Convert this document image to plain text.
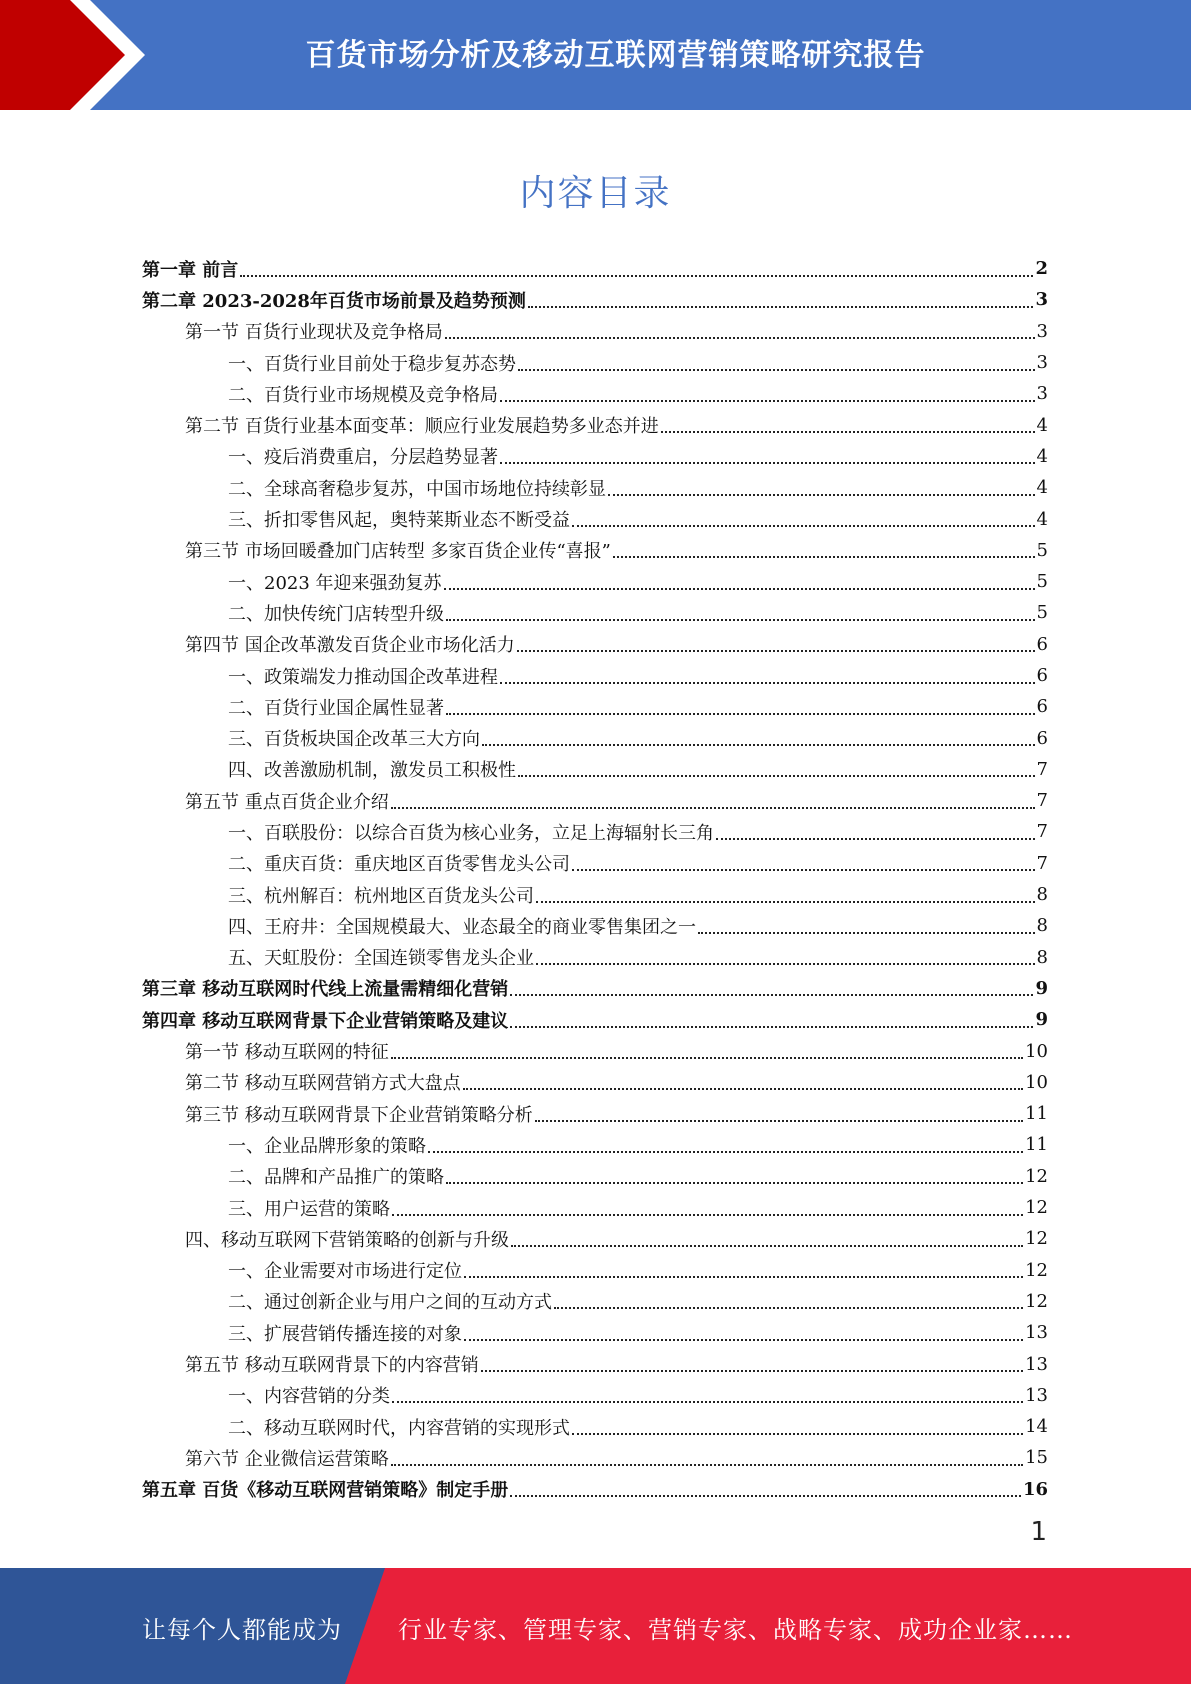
百货市场分析及移动互联网营销策略研究报告
内容目录
第一章 前言	2
第二章 2023-2028年百货市场前景及趋势预测	3
第一节 百货行业现状及竞争格局	3
一、百货行业目前处于稳步复苏态势	3
二、百货行业市场规模及竞争格局	3
第二节 百货行业基本面变革：顺应行业发展趋势多业态并进	4
一、疫后消费重启，分层趋势显著	4
二、全球高奢稳步复苏，中国市场地位持续彰显	4
三、折扣零售风起，奥特莱斯业态不断受益	4
第三节 市场回暖叠加门店转型 多家百货企业传“喜报”	5
一、2023 年迎来强劲复苏	5
二、加快传统门店转型升级	5
第四节 国企改革激发百货企业市场化活力	6
一、政策端发力推动国企改革进程	6
二、百货行业国企属性显著	6
三、百货板块国企改革三大方向	6
四、改善激励机制，激发员工积极性	7
第五节 重点百货企业介绍	7
一、百联股份：以综合百货为核心业务，立足上海辐射长三角	7
二、重庆百货：重庆地区百货零售龙头公司	7
三、杭州解百：杭州地区百货龙头公司	8
四、王府井：全国规模最大、业态最全的商业零售集团之一	8
五、天虹股份：全国连锁零售龙头企业	8
第三章 移动互联网时代线上流量需精细化营销	9
第四章 移动互联网背景下企业营销策略及建议	9
第一节 移动互联网的特征	10
第二节 移动互联网营销方式大盘点	10
第三节 移动互联网背景下企业营销策略分析	11
一、企业品牌形象的策略	11
二、品牌和产品推广的策略	12
三、用户运营的策略	12
四、移动互联网下营销策略的创新与升级	12
一、企业需要对市场进行定位	12
二、通过创新企业与用户之间的互动方式	12
三、扩展营销传播连接的对象	13
第五节 移动互联网背景下的内容营销	13
一、内容营销的分类	13
二、移动互联网时代，内容营销的实现形式	14
第六节 企业微信运营策略	15
第五章 百货《移动互联网营销策略》制定手册	16
1
让每个人都能成为 行业专家、管理专家、营销专家、战略专家、成功企业家……
